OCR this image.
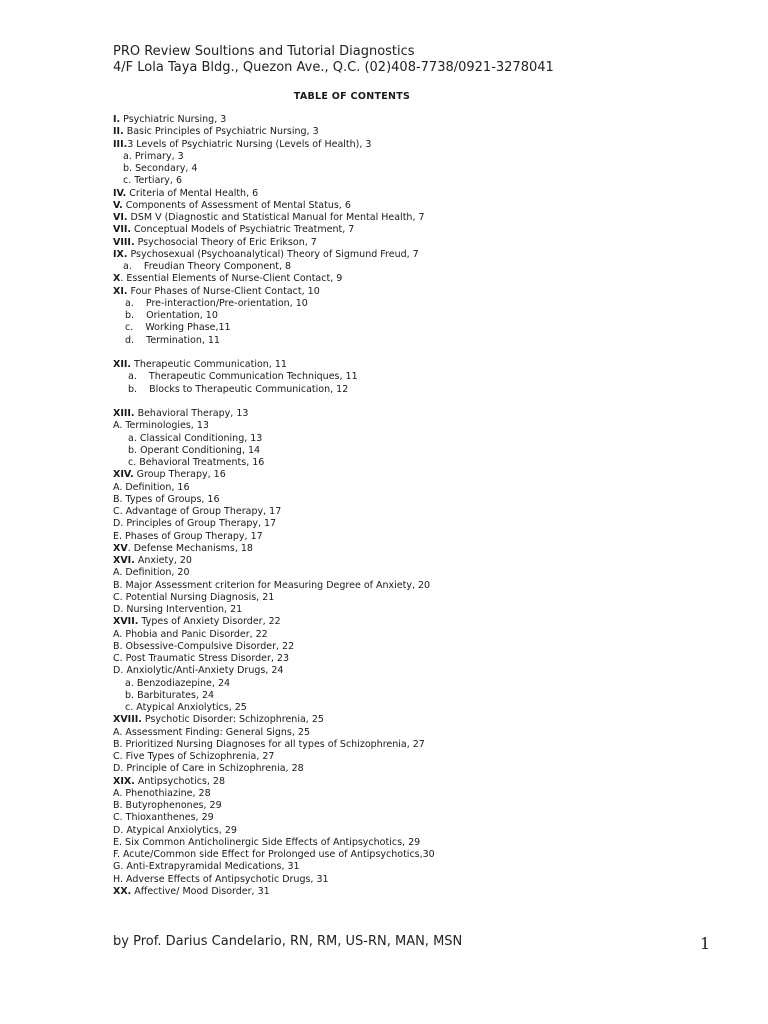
PRO Review Soultions and Tutorial Diagnostics
4/F Lola Taya Bldg., Quezon Ave., Q.C. (02)408-7738/0921-3278041
TABLE OF CONTENTS
I. Psychiatric Nursing, 3
II. Basic Principles of Psychiatric Nursing, 3
III.3 Levels of Psychiatric Nursing (Levels of Health), 3
a. Primary, 3
b. Secondary, 4
c. Tertiary, 6
IV. Criteria of Mental Health, 6
V. Components of Assessment of Mental Status, 6
VI. DSM V (Diagnostic and Statistical Manual for Mental Health, 7
VII. Conceptual Models of Psychiatric Treatment, 7
VIII. Psychosocial Theory of Eric Erikson, 7
IX. Psychosexual (Psychoanalytical) Theory of Sigmund Freud, 7
a.    Freudian Theory Component, 8
X. Essential Elements of Nurse-Client Contact, 9
XI. Four Phases of Nurse-Client Contact, 10
a.    Pre-interaction/Pre-orientation, 10
b.    Orientation, 10
c.    Working Phase,11
d.    Termination, 11
XII. Therapeutic Communication, 11
a.    Therapeutic Communication Techniques, 11
b.    Blocks to Therapeutic Communication, 12
XIII. Behavioral Therapy, 13
A. Terminologies, 13
a. Classical Conditioning, 13
b. Operant Conditioning, 14
c. Behavioral Treatments, 16
XIV. Group Therapy, 16
A. Definition, 16
B. Types of Groups, 16
C. Advantage of Group Therapy, 17
D. Principles of Group Therapy, 17
E. Phases of Group Therapy, 17
XV. Defense Mechanisms, 18
XVI. Anxiety, 20
A. Definition, 20
B. Major Assessment criterion for Measuring Degree of Anxiety, 20
C. Potential Nursing Diagnosis, 21
D. Nursing Intervention, 21
XVII. Types of Anxiety Disorder, 22
A. Phobia and Panic Disorder, 22
B. Obsessive-Compulsive Disorder, 22
C. Post Traumatic Stress Disorder, 23
D. Anxiolytic/Anti-Anxiety Drugs, 24
a. Benzodiazepine, 24
b. Barbiturates, 24
c. Atypical Anxiolytics, 25
XVIII. Psychotic Disorder: Schizophrenia, 25
A. Assessment Finding: General Signs, 25
B. Prioritized Nursing Diagnoses for all types of Schizophrenia, 27
C. Five Types of Schizophrenia, 27
D. Principle of Care in Schizophrenia, 28
XIX. Antipsychotics, 28
A. Phenothiazine, 28
B. Butyrophenones, 29
C. Thioxanthenes, 29
D. Atypical Anxiolytics, 29
E. Six Common Anticholinergic Side Effects of Antipsychotics, 29
F. Acute/Common side Effect for Prolonged use of Antipsychotics,30
G. Anti-Extrapyramidal Medications, 31
H. Adverse Effects of Antipsychotic Drugs, 31
XX. Affective/ Mood Disorder, 31
by Prof. Darius Candelario, RN, RM, US-RN, MAN, MSN	1
